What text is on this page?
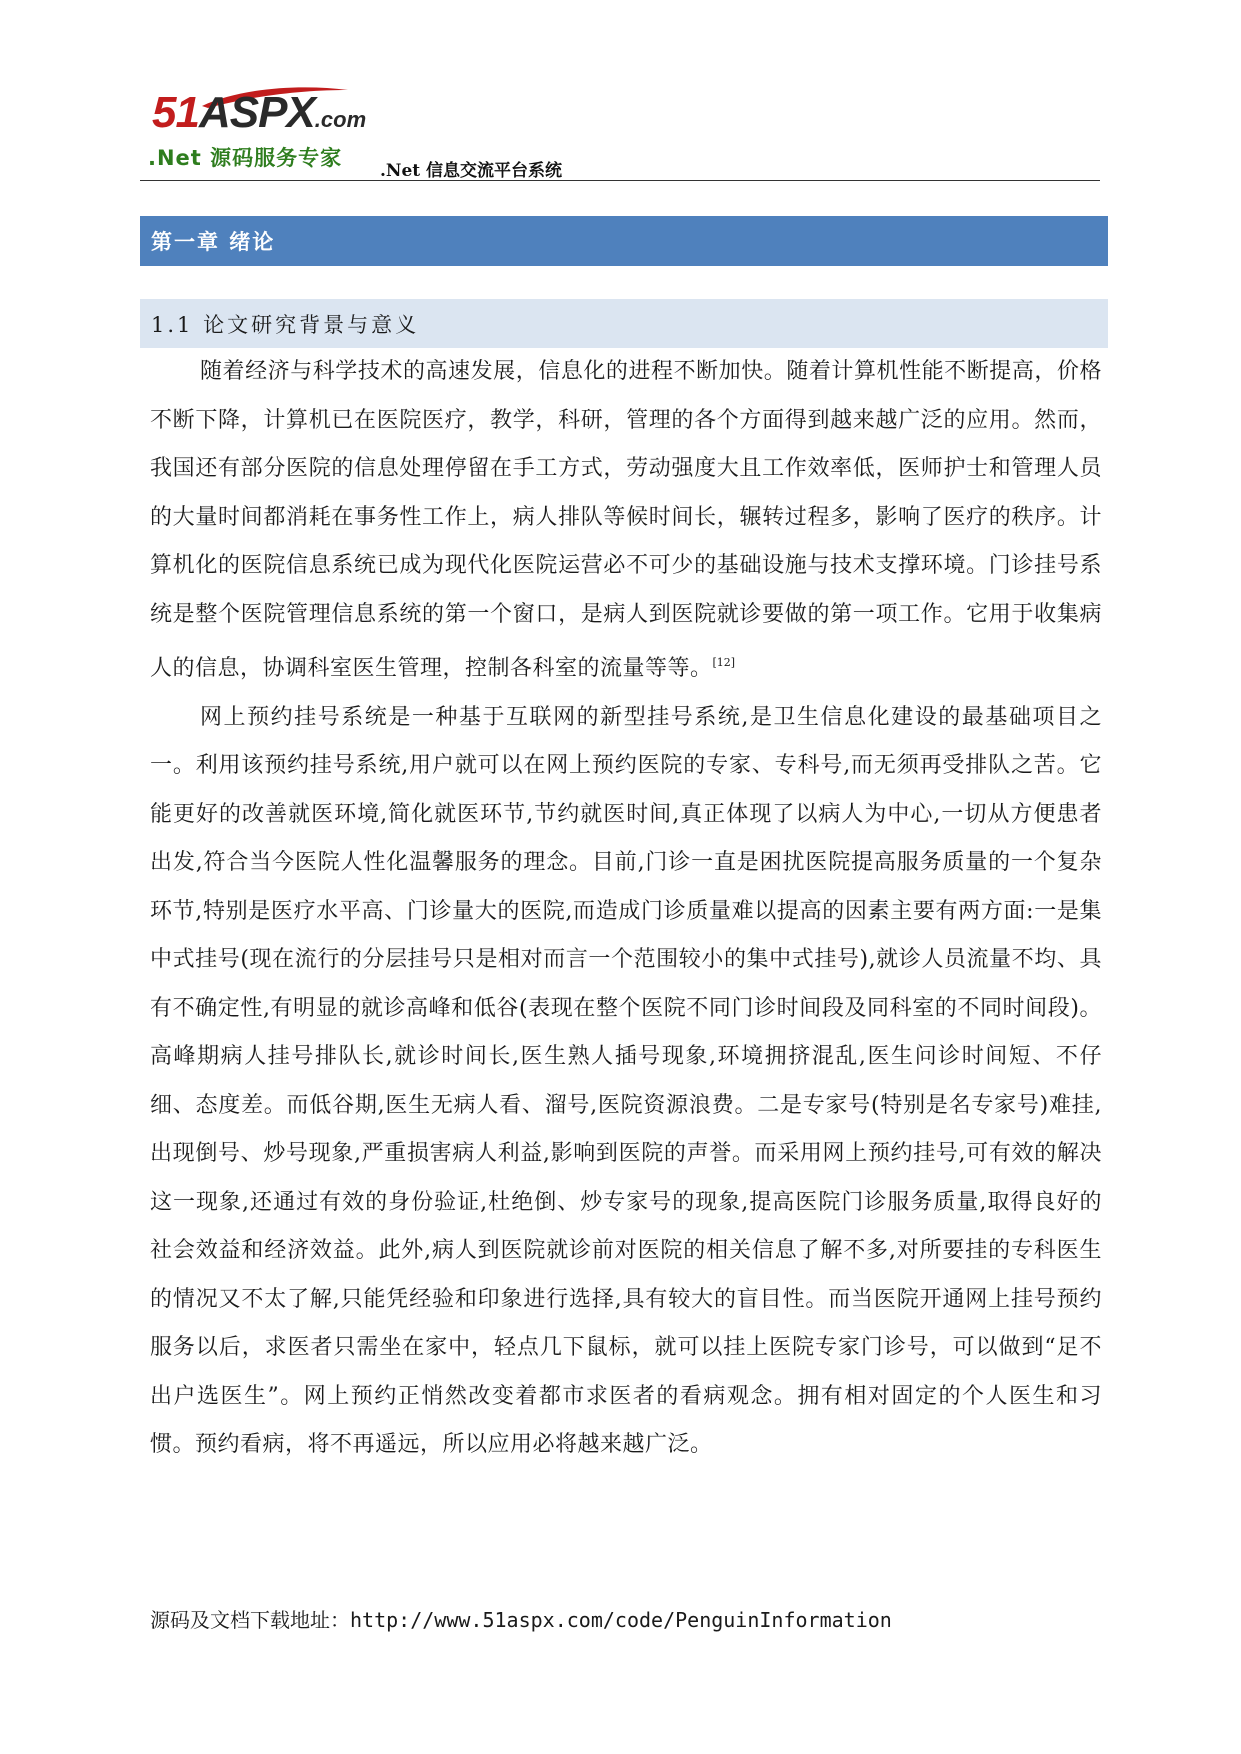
51ASPX.com
.Net 源码服务专家
.Net 信息交流平台系统
第一章 绪论
1.1 论文研究背景与意义

随着经济与科学技术的高速发展，信息化的进程不断加快。随着计算机性能不断提高，价格不断下降，计算机已在医院医疗，教学，科研，管理的各个方面得到越来越广泛的应用。然而，我国还有部分医院的信息处理停留在手工方式，劳动强度大且工作效率低，医师护士和管理人员的大量时间都消耗在事务性工作上，病人排队等候时间长，辗转过程多，影响了医疗的秩序。计算机化的医院信息系统已成为现代化医院运营必不可少的基础设施与技术支撑环境。门诊挂号系统是整个医院管理信息系统的第一个窗口，是病人到医院就诊要做的第一项工作。它用于收集病人的信息，协调科室医生管理，控制各科室的流量等等。[12]

网上预约挂号系统是一种基于互联网的新型挂号系统,是卫生信息化建设的最基础项目之一。利用该预约挂号系统,用户就可以在网上预约医院的专家、专科号,而无须再受排队之苦。它能更好的改善就医环境,简化就医环节,节约就医时间,真正体现了以病人为中心,一切从方便患者出发,符合当今医院人性化温馨服务的理念。目前,门诊一直是困扰医院提高服务质量的一个复杂环节,特别是医疗水平高、门诊量大的医院,而造成门诊质量难以提高的因素主要有两方面:一是集中式挂号(现在流行的分层挂号只是相对而言一个范围较小的集中式挂号),就诊人员流量不均、具有不确定性,有明显的就诊高峰和低谷(表现在整个医院不同门诊时间段及同科室的不同时间段)。高峰期病人挂号排队长,就诊时间长,医生熟人插号现象,环境拥挤混乱,医生问诊时间短、不仔细、态度差。而低谷期,医生无病人看、溜号,医院资源浪费。二是专家号(特别是名专家号)难挂,出现倒号、炒号现象,严重损害病人利益,影响到医院的声誉。而采用网上预约挂号,可有效的解决这一现象,还通过有效的身份验证,杜绝倒、炒专家号的现象,提高医院门诊服务质量,取得良好的社会效益和经济效益。此外,病人到医院就诊前对医院的相关信息了解不多,对所要挂的专科医生的情况又不太了解,只能凭经验和印象进行选择,具有较大的盲目性。而当医院开通网上挂号预约服务以后，求医者只需坐在家中，轻点几下鼠标，就可以挂上医院专家门诊号，可以做到“足不出户选医生”。网上预约正悄然改变着都市求医者的看病观念。拥有相对固定的个人医生和习惯。预约看病，将不再遥远，所以应用必将越来越广泛。

源码及文档下载地址：http://www.51aspx.com/code/PenguinInformation
